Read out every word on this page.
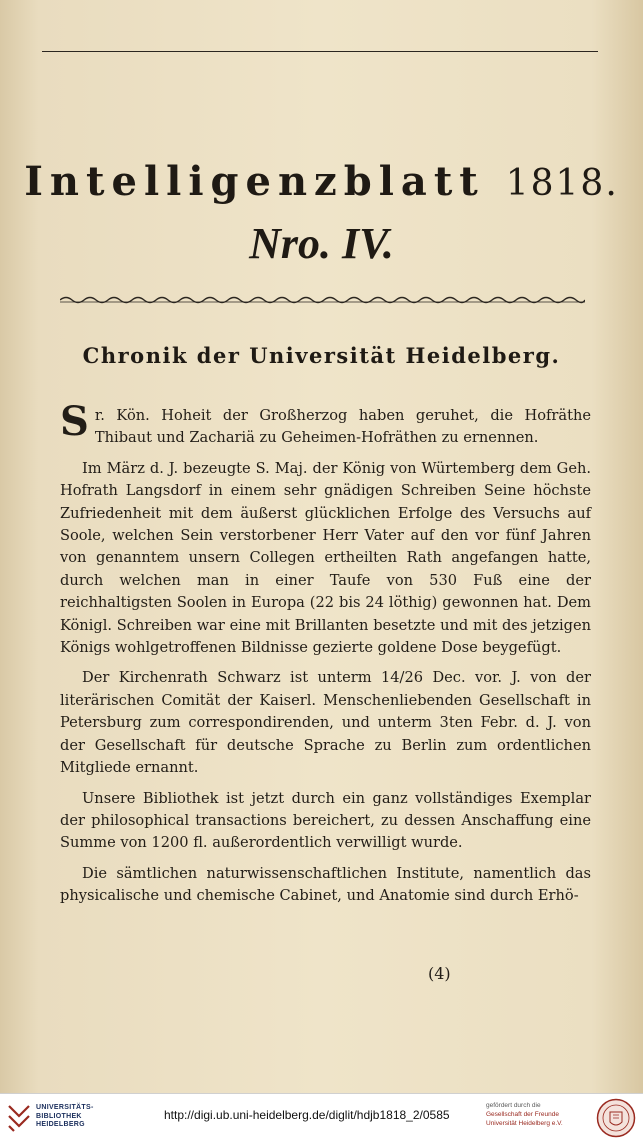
Intelligenzblatt 1818.
Nro. IV.
Chronik der Universität Heidelberg.

S r. Kön. Hoheit der Großherzog haben geruhet, die Hofräthe Thibaut und Zachariä zu Geheimen-Hofräthen zu ernennen.

Im März d. J. bezeugte S. Maj. der König von Würtemberg dem Geh. Hofrath Langsdorf in einem sehr gnädigen Schreiben Seine höchste Zufriedenheit mit dem äußerst glücklichen Erfolge des Versuchs auf Soole, welchen Sein verstorbener Herr Vater auf den vor fünf Jahren von genanntem unsern Collegen ertheilten Rath angefangen hatte, durch welchen man in einer Taufe von 530 Fuß eine der reichhaltigsten Soolen in Europa (22 bis 24 löthig) gewonnen hat. Dem Königl. Schreiben war eine mit Brillanten besetzte und mit des jetzigen Königs wohlgetroffenen Bildnisse gezierte goldene Dose beygefügt.

Der Kirchenrath Schwarz ist unterm 14/26 Dec. vor. J. von der literärischen Comität der Kaiserl. Menschenliebenden Gesellschaft in Petersburg zum correspondirenden, und unterm 3ten Febr. d. J. von der Gesellschaft für deutsche Sprache zu Berlin zum ordentlichen Mitgliede ernannt.

Unsere Bibliothek ist jetzt durch ein ganz vollständiges Exemplar der philosophical transactions bereichert, zu dessen Anschaffung eine Summe von 1200 fl. außerordentlich verwilligt wurde.

Die sämtlichen naturwissenschaftlichen Institute, namentlich das physicalische und chemische Cabinet, und Anatomie sind durch Erhö-

(4)
UNIVERSITÄTS-
BIBLIOTHEK
HEIDELBERG
http://digi.ub.uni-heidelberg.de/diglit/hdjb1818_2/0585
gefördert durch die
Gesellschaft der Freunde
Universität Heidelberg e.V.
